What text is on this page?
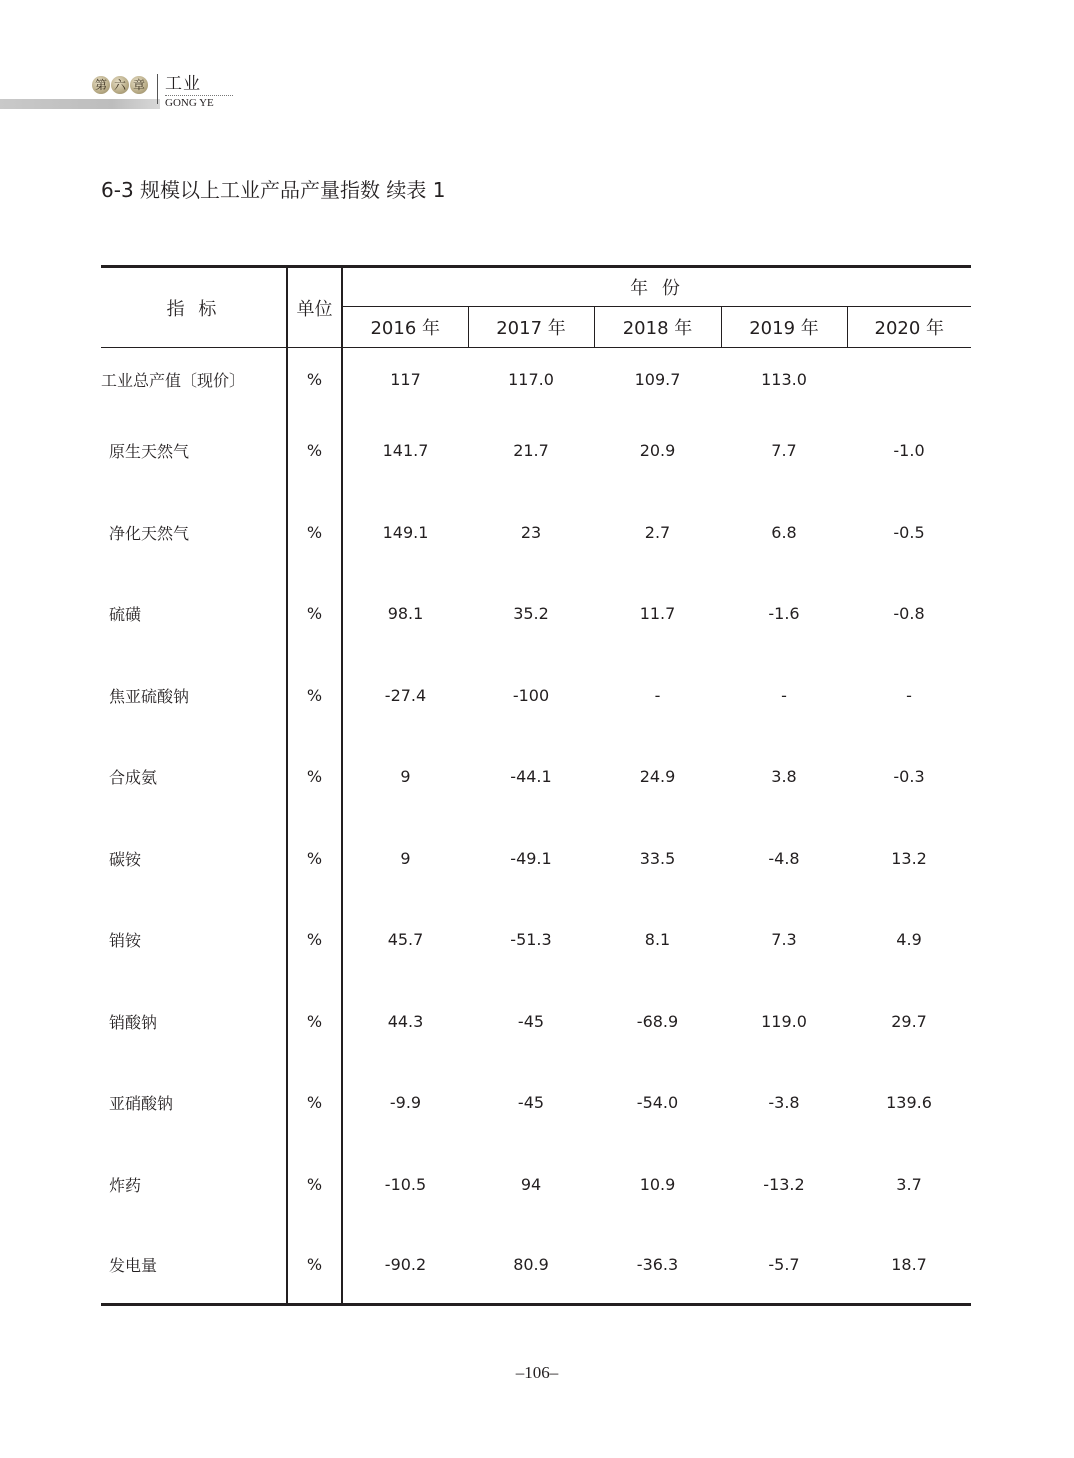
第 六 章 工业
GONG YE
6-3 规模以上工业产品产量指数 续表 1
指 标	单位	年 份				
		2016 年	2017 年	2018 年	2019 年	2020 年
工业总产值〔现价〕	%	117	117.0	109.7	113.0	
原生天然气	%	141.7	21.7	20.9	7.7	-1.0
净化天然气	%	149.1	23	2.7	6.8	-0.5
硫磺	%	98.1	35.2	11.7	-1.6	-0.8
焦亚硫酸钠	%	-27.4	-100	-	-	-
合成氨	%	9	-44.1	24.9	3.8	-0.3
碳铵	%	9	-49.1	33.5	-4.8	13.2
销铵	%	45.7	-51.3	8.1	7.3	4.9
销酸钠	%	44.3	-45	-68.9	119.0	29.7
亚硝酸钠	%	-9.9	-45	-54.0	-3.8	139.6
炸药	%	-10.5	94	10.9	-13.2	3.7
发电量	%	-90.2	80.9	-36.3	-5.7	18.7
–106–
